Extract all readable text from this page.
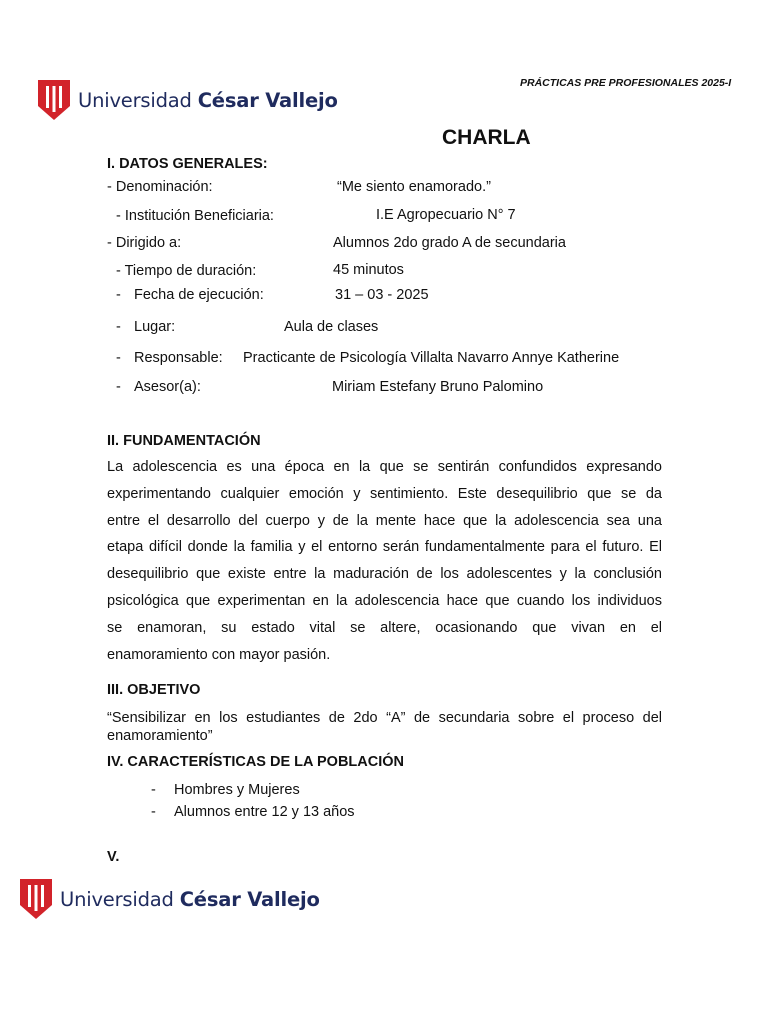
Universidad César Vallejo
PRÁCTICAS PRE PROFESIONALES 2025-I
CHARLA
I. DATOS GENERALES:
- Denominación:	“Me siento enamorado.”
- Institución Beneficiaria:	I.E Agropecuario N° 7
- Dirigido a:	Alumnos 2do grado A de secundaria
- Tiempo de duración:	45 minutos
- Fecha de ejecución:	31 – 03 - 2025
- Lugar:	Aula de clases
- Responsable: Practicante de Psicología Villalta Navarro Annye Katherine
- Asesor(a):	Miriam Estefany Bruno Palomino
II. FUNDAMENTACIÓN
La adolescencia es una época en la que se sentirán confundidos expresando
experimentando cualquier emoción y sentimiento. Este desequilibrio que se da
entre el desarrollo del cuerpo y de la mente hace que la adolescencia sea una
etapa difícil donde la familia y el entorno serán fundamentalmente para el futuro. El
desequilibrio que existe entre la maduración de los adolescentes y la conclusión
psicológica que experimentan en la adolescencia hace que cuando los individuos
se enamoran, su estado vital se altere, ocasionando que vivan en el
enamoramiento con mayor pasión.
III. OBJETIVO
“Sensibilizar en los estudiantes de 2do “A” de secundaria sobre el proceso del
enamoramiento”
IV. CARACTERÍSTICAS DE LA POBLACIÓN
- Hombres y Mujeres
- Alumnos entre 12 y 13 años
V.
Universidad César Vallejo
